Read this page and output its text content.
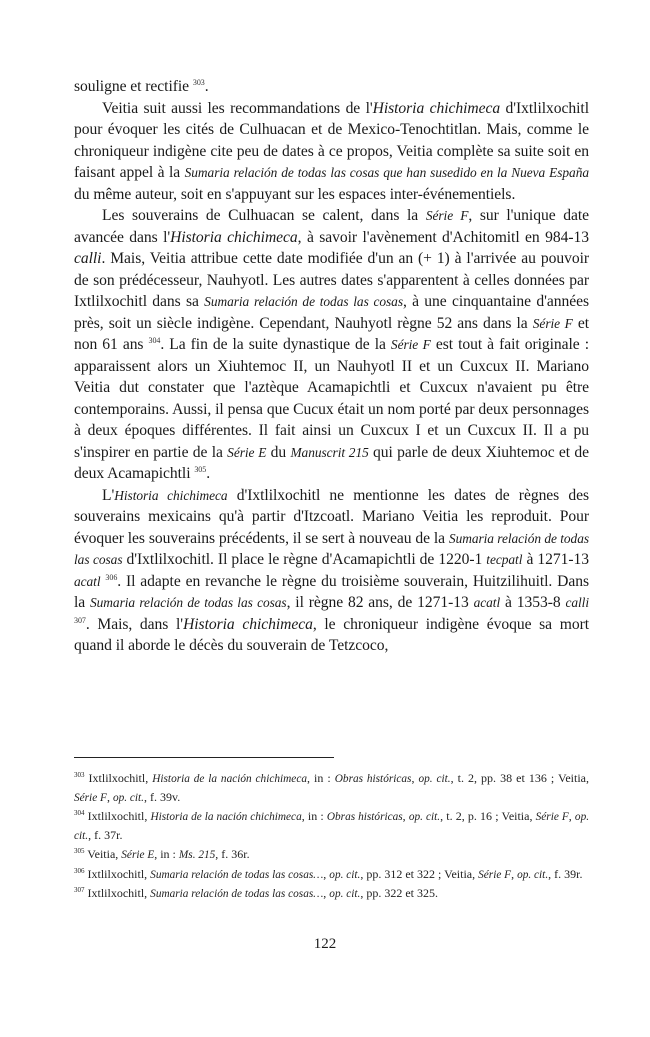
souligne et rectifie $^{303}$.

Veitia suit aussi les recommandations de l'Historia chichimeca d'Ixtlilxochitl pour évoquer les cités de Culhuacan et de Mexico-Tenochtitlan. Mais, comme le chroniqueur indigène cite peu de dates à ce propos, Veitia complète sa suite soit en faisant appel à la Sumaria relación de todas las cosas que han susedido en la Nueva España du même auteur, soit en s'appuyant sur les espaces inter-événementiels.

Les souverains de Culhuacan se calent, dans la Série F, sur l'unique date avancée dans l'Historia chichimeca, à savoir l'avènement d'Achitomitl en 984-13 calli. Mais, Veitia attribue cette date modifiée d'un an (+ 1) à l'arrivée au pouvoir de son prédécesseur, Nauhyotl. Les autres dates s'apparentent à celles données par Ixtlilxochitl dans sa Sumaria relación de todas las cosas, à une cinquantaine d'années près, soit un siècle indigène. Cependant, Nauhyotl règne 52 ans dans la Série F et non 61 ans $^{304}$. La fin de la suite dynastique de la Série F est tout à fait originale : apparaissent alors un Xiuhtemoc II, un Nauhyotl II et un Cuxcux II. Mariano Veitia dut constater que l'aztèque Acamapichtli et Cuxcux n'avaient pu être contemporains. Aussi, il pensa que Cucux était un nom porté par deux personnages à deux époques différentes. Il fait ainsi un Cuxcux I et un Cuxcux II. Il a pu s'inspirer en partie de la Série E du Manuscrit 215 qui parle de deux Xiuhtemoc et de deux Acamapichtli $^{305}$.

L'Historia chichimeca d'Ixtlilxochitl ne mentionne les dates de règnes des souverains mexicains qu'à partir d'Itzcoatl. Mariano Veitia les reproduit. Pour évoquer les souverains précédents, il se sert à nouveau de la Sumaria relación de todas las cosas d'Ixtlilxochitl. Il place le règne d'Acamapichtli de 1220-1 tecpatl à 1271-13 acatl $^{306}$. Il adapte en revanche le règne du troisième souverain, Huitzilihuitl. Dans la Sumaria relación de todas las cosas, il règne 82 ans, de 1271-13 acatl à 1353-8 calli $^{307}$. Mais, dans l'Historia chichimeca, le chroniqueur indigène évoque sa mort quand il aborde le décès du souverain de Tetzcoco,

$^{303}$ Ixtlilxochitl, Historia de la nación chichimeca, in : Obras históricas, op. cit., t. 2, pp. 38 et 136 ; Veitia, Série F, op. cit., f. 39v.

$^{304}$ Ixtlilxochitl, Historia de la nación chichimeca, in : Obras históricas, op. cit., t. 2, p. 16 ; Veitia, Série F, op. cit., f. 37r.

$^{305}$ Veitia, Série E, in : Ms. 215, f. 36r.

$^{306}$ Ixtlilxochitl, Sumaria relación de todas las cosas…, op. cit., pp. 312 et 322 ; Veitia, Série F, op. cit., f. 39r.

$^{307}$ Ixtlilxochitl, Sumaria relación de todas las cosas…, op. cit., pp. 322 et 325.

122
